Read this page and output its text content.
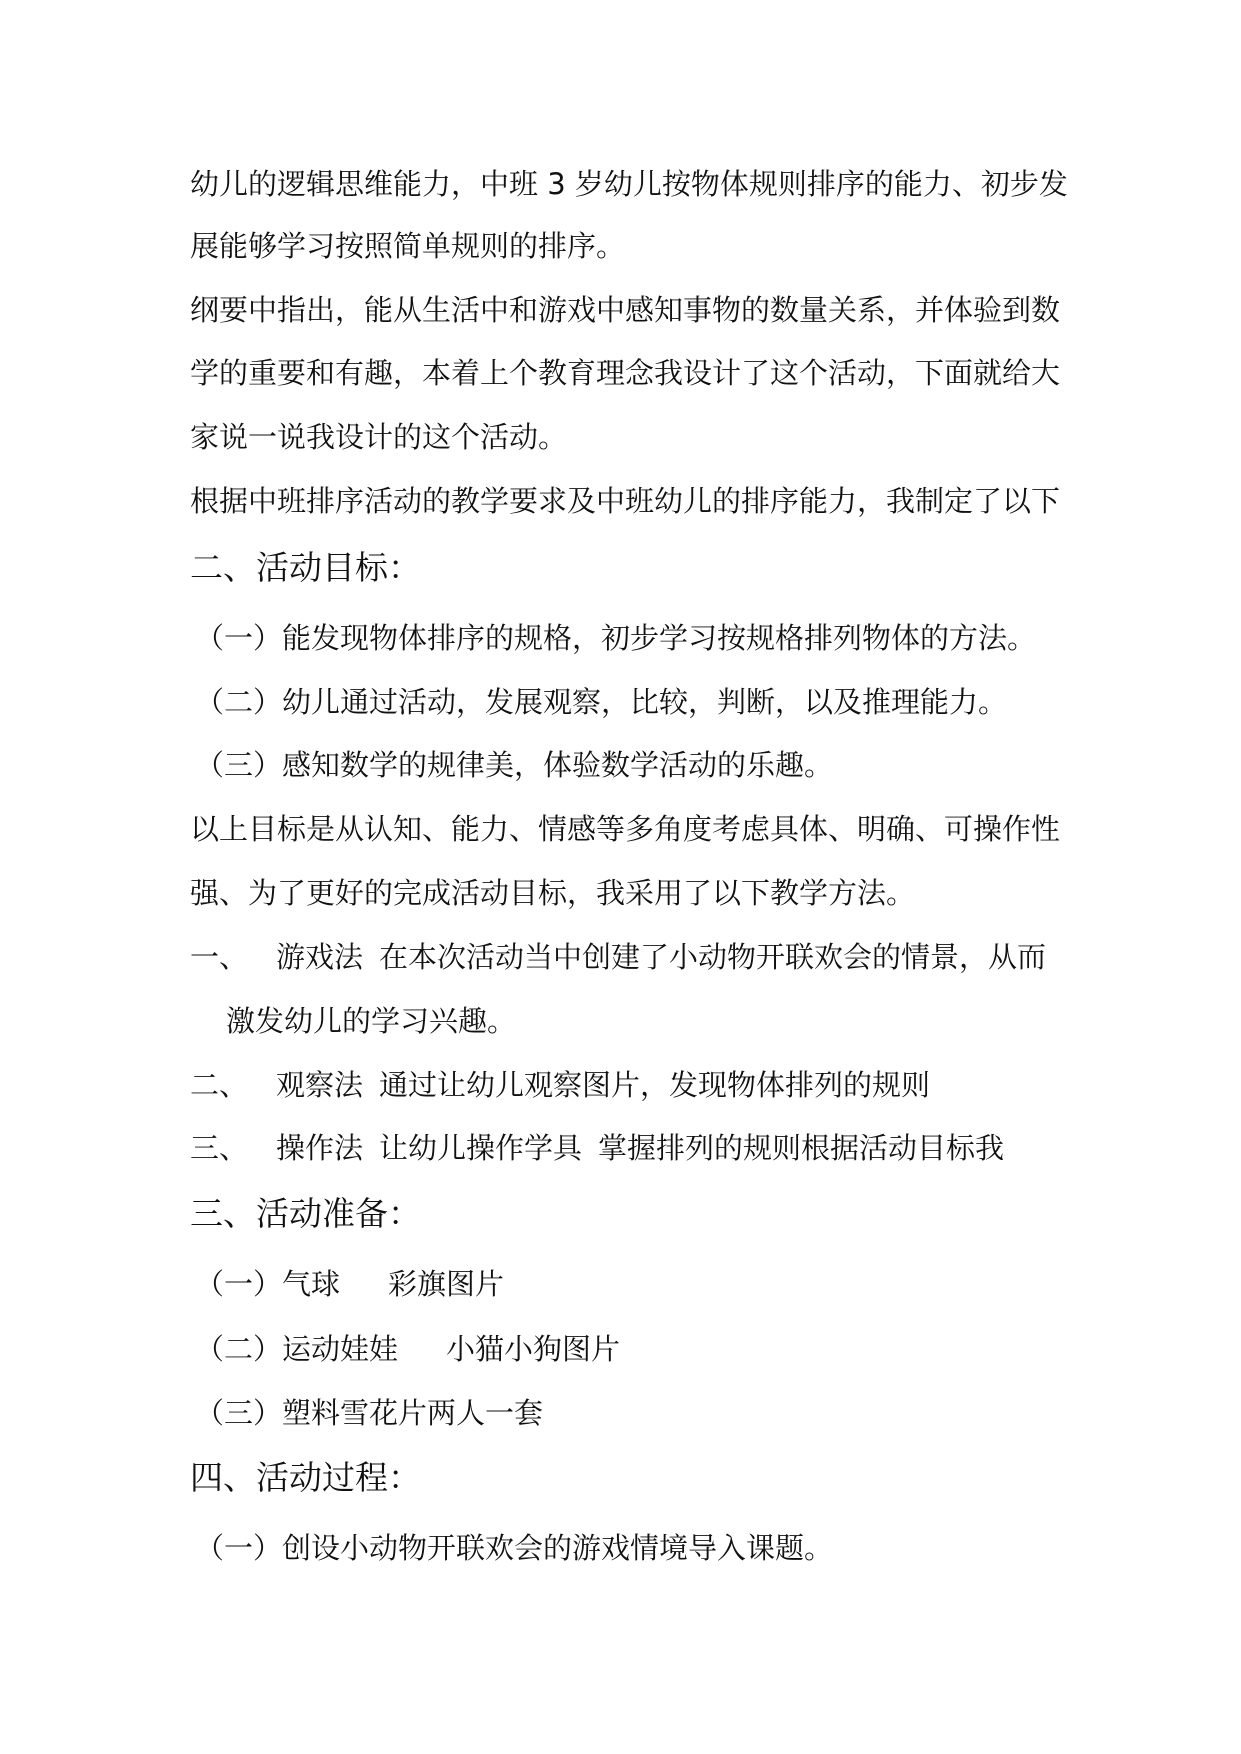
幼儿的逻辑思维能力，中班 3 岁幼儿按物体规则排序的能力、初步发
展能够学习按照简单规则的排序。
纲要中指出，能从生活中和游戏中感知事物的数量关系，并体验到数
学的重要和有趣，本着上个教育理念我设计了这个活动，下面就给大
家说一说我设计的这个活动。
根据中班排序活动的教学要求及中班幼儿的排序能力，我制定了以下
二、活动目标：
（一）能发现物体排序的规格，初步学习按规格排列物体的方法。
（二）幼儿通过活动，发展观察，比较，判断，以及推理能力。
（三）感知数学的规律美，体验数学活动的乐趣。
以上目标是从认知、能力、情感等多角度考虑具体、明确、可操作性
强、为了更好的完成活动目标，我采用了以下教学方法。
一、 游戏法 在本次活动当中创建了小动物开联欢会的情景，从而
激发幼儿的学习兴趣。
二、 观察法 通过让幼儿观察图片，发现物体排列的规则
三、 操作法 让幼儿操作学具 掌握排列的规则根据活动目标我
三、活动准备：
（一）气球 彩旗图片
（二）运动娃娃 小猫小狗图片
（三）塑料雪花片两人一套
四、活动过程：
（一）创设小动物开联欢会的游戏情境导入课题。
